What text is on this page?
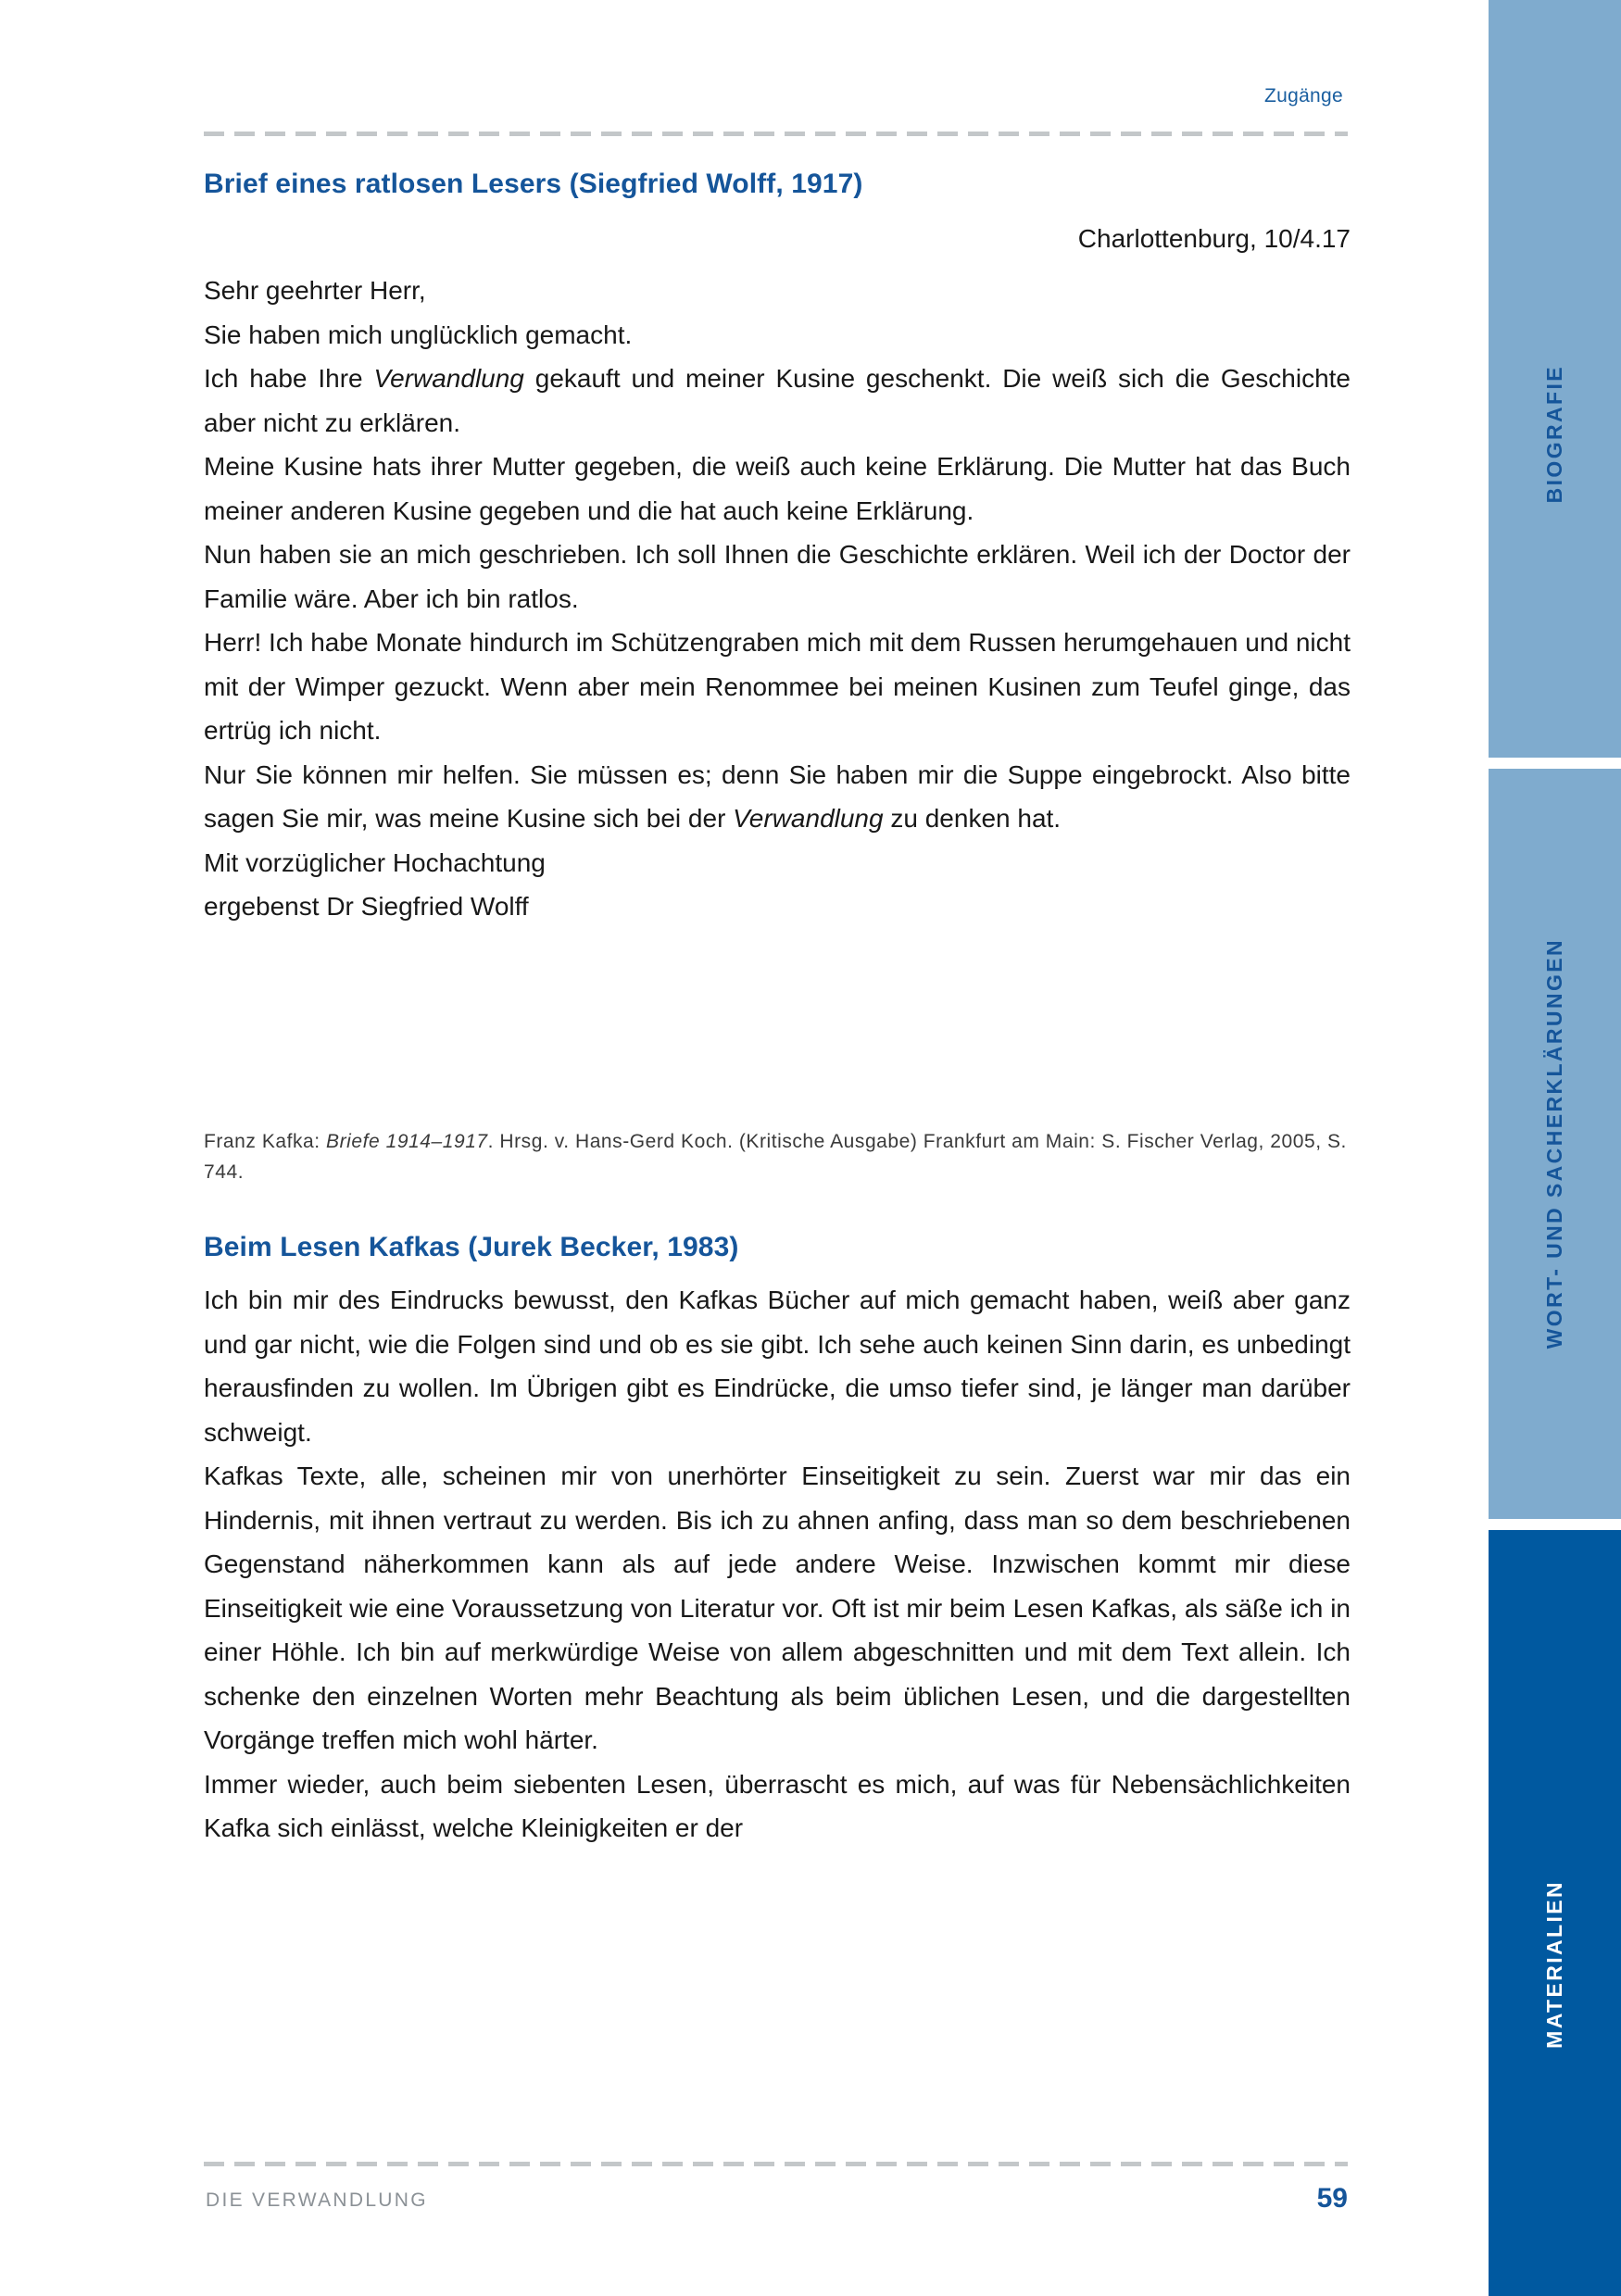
BIOGRAFIE
WORT- UND SACHERKLÄRUNGEN
MATERIALIEN
Zugänge
Brief eines ratlosen Lesers (Siegfried Wolff, 1917)
Charlottenburg, 10/4.17

Sehr geehrter Herr,

Sie haben mich unglücklich gemacht.

Ich habe Ihre Verwandlung gekauft und meiner Kusine geschenkt. Die weiß sich die Geschichte aber nicht zu erklären.

Meine Kusine hats ihrer Mutter gegeben, die weiß auch keine Erklärung. Die Mutter hat das Buch meiner anderen Kusine gegeben und die hat auch keine Erklärung.

Nun haben sie an mich geschrieben. Ich soll Ihnen die Geschichte erklären. Weil ich der Doctor der Familie wäre. Aber ich bin ratlos.

Herr! Ich habe Monate hindurch im Schützengraben mich mit dem Russen herumgehauen und nicht mit der Wimper gezuckt. Wenn aber mein Renommee bei meinen Kusinen zum Teufel ginge, das ertrüg ich nicht.

Nur Sie können mir helfen. Sie müssen es; denn Sie haben mir die Suppe eingebrockt. Also bitte sagen Sie mir, was meine Kusine sich bei der Verwandlung zu denken hat.

Mit vorzüglicher Hochachtung

ergebenst Dr Siegfried Wolff

Franz Kafka: Briefe 1914–1917. Hrsg. v. Hans-Gerd Koch. (Kritische Ausgabe) Frankfurt am Main: S. Fischer Verlag, 2005, S. 744.
Beim Lesen Kafkas (Jurek Becker, 1983)

Ich bin mir des Eindrucks bewusst, den Kafkas Bücher auf mich gemacht haben, weiß aber ganz und gar nicht, wie die Folgen sind und ob es sie gibt. Ich sehe auch keinen Sinn darin, es unbedingt herausfinden zu wollen. Im Übrigen gibt es Eindrücke, die umso tiefer sind, je länger man darüber schweigt.

Kafkas Texte, alle, scheinen mir von unerhörter Einseitigkeit zu sein. Zuerst war mir das ein Hindernis, mit ihnen vertraut zu werden. Bis ich zu ahnen anfing, dass man so dem beschriebenen Gegenstand näherkommen kann als auf jede andere Weise. Inzwischen kommt mir diese Einseitigkeit wie eine Voraussetzung von Literatur vor. Oft ist mir beim Lesen Kafkas, als säße ich in einer Höhle. Ich bin auf merkwürdige Weise von allem abgeschnitten und mit dem Text allein. Ich schenke den einzelnen Worten mehr Beachtung als beim üblichen Lesen, und die dargestellten Vorgänge treffen mich wohl härter.

Immer wieder, auch beim siebenten Lesen, überrascht es mich, auf was für Nebensächlichkeiten Kafka sich einlässt, welche Kleinigkeiten er der

DIE VERWANDLUNG	59
